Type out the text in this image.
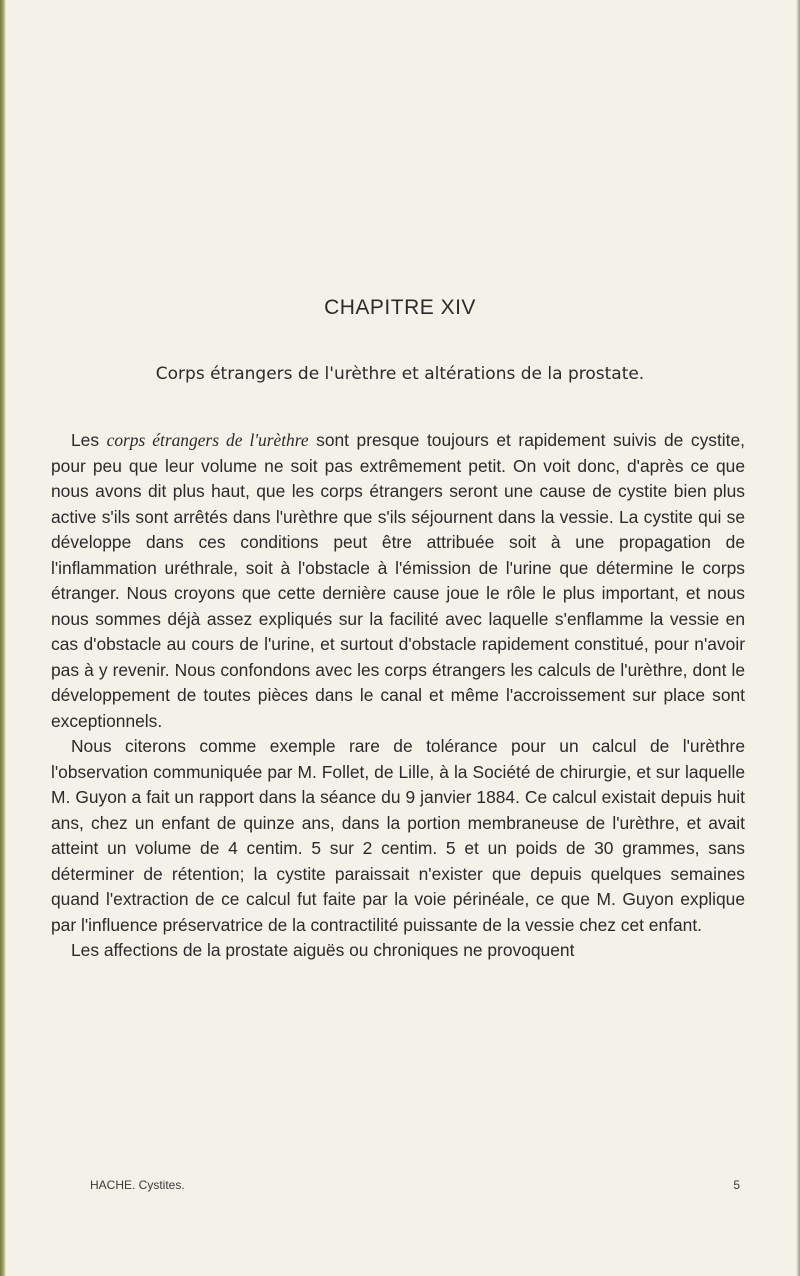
CHAPITRE XIV
Corps étrangers de l'urèthre et altérations de la prostate.

Les corps étrangers de l'urèthre sont presque toujours et rapidement suivis de cystite, pour peu que leur volume ne soit pas extrêmement petit. On voit donc, d'après ce que nous avons dit plus haut, que les corps étrangers seront une cause de cystite bien plus active s'ils sont arrêtés dans l'urèthre que s'ils séjournent dans la vessie. La cystite qui se développe dans ces conditions peut être attribuée soit à une propagation de l'inflammation uréthrale, soit à l'obstacle à l'émission de l'urine que détermine le corps étranger. Nous croyons que cette dernière cause joue le rôle le plus important, et nous nous sommes déjà assez expliqués sur la facilité avec laquelle s'enflamme la vessie en cas d'obstacle au cours de l'urine, et surtout d'obstacle rapidement constitué, pour n'avoir pas à y revenir. Nous confondons avec les corps étrangers les calculs de l'urèthre, dont le développement de toutes pièces dans le canal et même l'accroissement sur place sont exceptionnels.

Nous citerons comme exemple rare de tolérance pour un calcul de l'urèthre l'observation communiquée par M. Follet, de Lille, à la Société de chirurgie, et sur laquelle M. Guyon a fait un rapport dans la séance du 9 janvier 1884. Ce calcul existait depuis huit ans, chez un enfant de quinze ans, dans la portion membraneuse de l'urèthre, et avait atteint un volume de 4 centim. 5 sur 2 centim. 5 et un poids de 30 grammes, sans déterminer de rétention; la cystite paraissait n'exister que depuis quelques semaines quand l'extraction de ce calcul fut faite par la voie périnéale, ce que M. Guyon explique par l'influence préservatrice de la contractilité puissante de la vessie chez cet enfant.

Les affections de la prostate aiguës ou chroniques ne provoquent

HACHE. Cystites.	5
